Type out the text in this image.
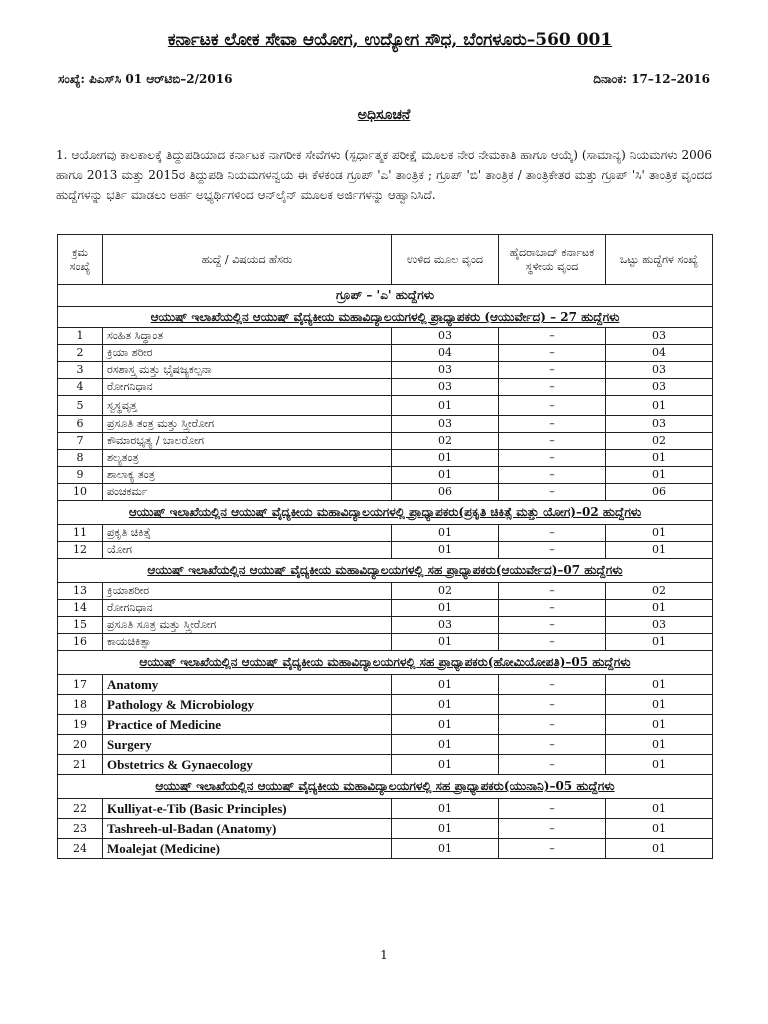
ಕರ್ನಾಟಕ ಲೋಕ ಸೇವಾ ಆಯೋಗ, ಉದ್ಯೋಗ ಸೌಧ, ಬೆಂಗಳೂರು–560 001
ಸಂಖ್ಯೆ: ಪಿಎಸ್‌ಸಿ 01 ಆರ್‌ಟಿಬಿ–2/2016	ದಿನಾಂಕ: 17–12–2016
ಅಧಿಸೂಚನೆ
1. ಆಯೋಗವು ಕಾಲಕಾಲಕ್ಕೆ ತಿದ್ದುಪಡಿಯಾದ ಕರ್ನಾಟಕ ನಾಗರೀಕ ಸೇವೆಗಳು (ಸ್ಪರ್ಧಾತ್ಮಕ ಪರೀಕ್ಷೆ ಮೂಲಕ ನೇರ ನೇಮಕಾತಿ ಹಾಗೂ ಆಯ್ಕೆ) (ಸಾಮಾನ್ಯ) ನಿಯಮಗಳು 2006 ಹಾಗೂ 2013 ಮತ್ತು 2015ರ ತಿದ್ದುಪಡಿ ನಿಯಮಗಳನ್ವಯ ಈ ಕೆಳಕಂಡ ಗ್ರೂಪ್ 'ಎ' ತಾಂತ್ರಿಕ ; ಗ್ರೂಪ್ 'ಬಿ' ತಾಂತ್ರಿಕ / ತಾಂತ್ರಿಕೇತರ ಮತ್ತು ಗ್ರೂಪ್ 'ಸಿ' ತಾಂತ್ರಿಕ ವೃಂದದ ಹುದ್ದೆಗಳನ್ನು ಭರ್ತಿ ಮಾಡಲು ಅರ್ಹ ಅಭ್ಯರ್ಥಿಗಳಿಂದ ಆನ್‌ಲೈನ್ ಮೂಲಕ ಅರ್ಜಿಗಳನ್ನು ಆಹ್ವಾನಿಸಿದೆ.
ಕ್ರಮ ಸಂಖ್ಯೆ	ಹುದ್ದೆ / ವಿಷಯದ ಹೆಸರು	ಉಳಿದ ಮೂಲ ವೃಂದ	ಹೈದರಾಬಾದ್ ಕರ್ನಾಟಕ ಸ್ಥಳೀಯ ವೃಂದ	ಒಟ್ಟು ಹುದ್ದೆಗಳ ಸಂಖ್ಯೆ
ಗ್ರೂಪ್ – 'ಎ' ಹುದ್ದೆಗಳು				
ಆಯುಷ್ ಇಲಾಖೆಯಲ್ಲಿನ ಆಯುಷ್ ವೈದ್ಯಕೀಯ ಮಹಾವಿದ್ಯಾಲಯಗಳಲ್ಲಿ ಪ್ರಾಧ್ಯಾಪಕರು (ಆಯುರ್ವೇದ) – 27 ಹುದ್ದೆಗಳು				
1	ಸಂಹಿತ ಸಿದ್ಧಾಂತ	03	–	03
2	ಕ್ರಿಯಾ ಶರೀರ	04	–	04
3	ರಸಶಾಸ್ತ್ರ ಮತ್ತು ಭೈಷಜ್ಯಕಲ್ಪನಾ	03	–	03
4	ರೋಗನಿಧಾನ	03	–	03
5	ಸ್ವಸ್ಥವೃತ್ತ	01	–	01
6	ಪ್ರಸೂತಿ ತಂತ್ರ ಮತ್ತು ಸ್ತ್ರೀರೋಗ	03	–	03
7	ಕೌಮಾರಭೃತ್ಯ / ಬಾಲರೋಗ	02	–	02
8	ಶಲ್ಯತಂತ್ರ	01	–	01
9	ಶಾಲಾಕ್ಯ ತಂತ್ರ	01	–	01
10	ಪಂಚಕರ್ಮ	06	–	06
ಆಯುಷ್ ಇಲಾಖೆಯಲ್ಲಿನ ಆಯುಷ್ ವೈದ್ಯಕೀಯ ಮಹಾವಿದ್ಯಾಲಯಗಳಲ್ಲಿ ಪ್ರಾಧ್ಯಾಪಕರು(ಪ್ರಕೃತಿ ಚಿಕಿತ್ಸೆ ಮತ್ತು ಯೋಗ)–02 ಹುದ್ದೆಗಳು				
11	ಪ್ರಕೃತಿ ಚಿಕಿತ್ಸೆ	01	–	01
12	ಯೋಗ	01	–	01
ಆಯುಷ್ ಇಲಾಖೆಯಲ್ಲಿನ ಆಯುಷ್ ವೈದ್ಯಕೀಯ ಮಹಾವಿದ್ಯಾಲಯಗಳಲ್ಲಿ ಸಹ ಪ್ರಾಧ್ಯಾಪಕರು(ಆಯುರ್ವೇದ)–07 ಹುದ್ದೆಗಳು				
13	ಕ್ರಿಯಾಶರೀರ	02	–	02
14	ರೋಗನಿಧಾನ	01	–	01
15	ಪ್ರಸೂತಿ ಸೂತ್ರ ಮತ್ತು ಸ್ತ್ರೀರೋಗ	03	–	03
16	ಕಾಯಚಿಕಿತ್ಸಾ	01	–	01
ಆಯುಷ್ ಇಲಾಖೆಯಲ್ಲಿನ ಆಯುಷ್ ವೈದ್ಯಕೀಯ ಮಹಾವಿದ್ಯಾಲಯಗಳಲ್ಲಿ ಸಹ ಪ್ರಾಧ್ಯಾಪಕರು(ಹೋಮಿಯೋಪತಿ)–05 ಹುದ್ದೆಗಳು				
17	Anatomy	01	–	01
18	Pathology & Microbiology	01	–	01
19	Practice of Medicine	01	–	01
20	Surgery	01	–	01
21	Obstetrics & Gynaecology	01	–	01
ಆಯುಷ್ ಇಲಾಖೆಯಲ್ಲಿನ ಆಯುಷ್ ವೈದ್ಯಕೀಯ ಮಹಾವಿದ್ಯಾಲಯಗಳಲ್ಲಿ ಸಹ ಪ್ರಾಧ್ಯಾಪಕರು(ಯುನಾನಿ)–05 ಹುದ್ದೆಗಳು				
22	Kulliyat-e-Tib (Basic Principles)	01	–	01
23	Tashreeh-ul-Badan (Anatomy)	01	–	01
24	Moalejat (Medicine)	01	–	01
1
